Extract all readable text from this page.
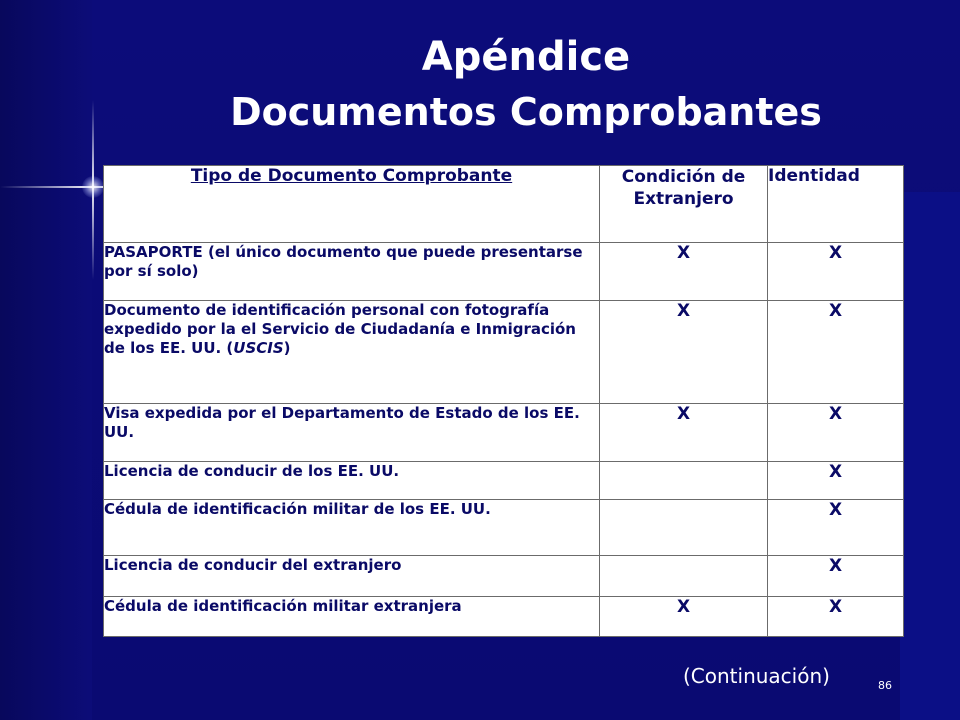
Apéndice
Documentos Comprobantes
Tipo de Documento Comprobante	Condición de Extranjero	Identidad
PASAPORTE (el único documento que puede presentarse por sí solo)	X	X
Documento de identificación personal con fotografía expedido por la el Servicio de Ciudadanía e Inmigración de los EE. UU. (USCIS)	X	X
Visa expedida por el Departamento de Estado de los EE. UU.	X	X
Licencia de conducir de los EE. UU.		X
Cédula de identificación militar de los EE. UU.		X
Licencia de conducir del extranjero		X
Cédula de identificación militar extranjera	X	X
(Continuación)	86
